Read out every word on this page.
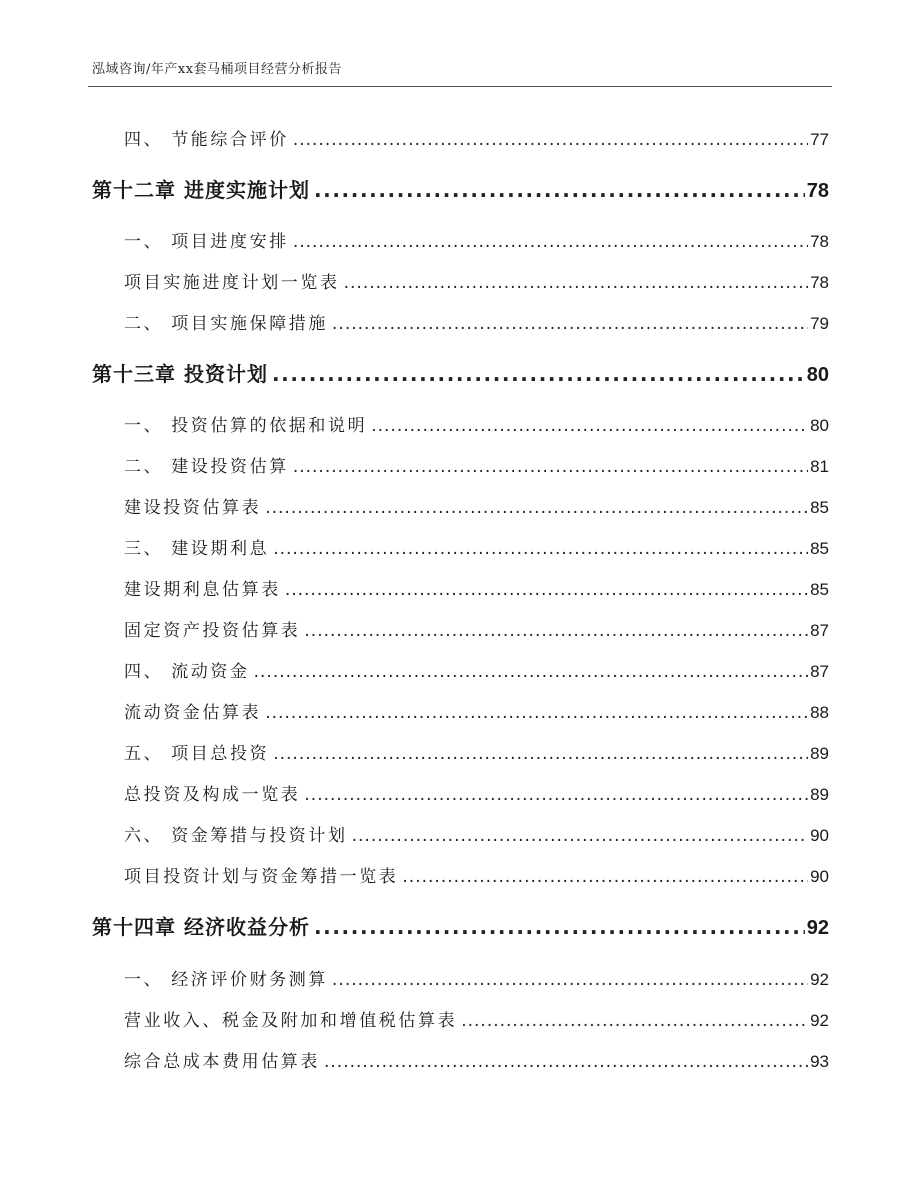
泓域咨询/年产xx套马桶项目经营分析报告
四、 节能综合评价 .....	77
第十二章 进度实施计划 .....	78
一、 项目进度安排 .....	78
项目实施进度计划一览表 .....	78
二、 项目实施保障措施 .....	79
第十三章 投资计划 .....	80
一、 投资估算的依据和说明 .....	80
二、 建设投资估算 .....	81
建设投资估算表 .....	85
三、 建设期利息 .....	85
建设期利息估算表 .....	85
固定资产投资估算表 .....	87
四、 流动资金 .....	87
流动资金估算表 .....	88
五、 项目总投资 .....	89
总投资及构成一览表 .....	89
六、 资金筹措与投资计划 .....	90
项目投资计划与资金筹措一览表 .....	90
第十四章 经济收益分析 .....	92
一、 经济评价财务测算 .....	92
营业收入、税金及附加和增值税估算表 .....	92
综合总成本费用估算表 .....	93
